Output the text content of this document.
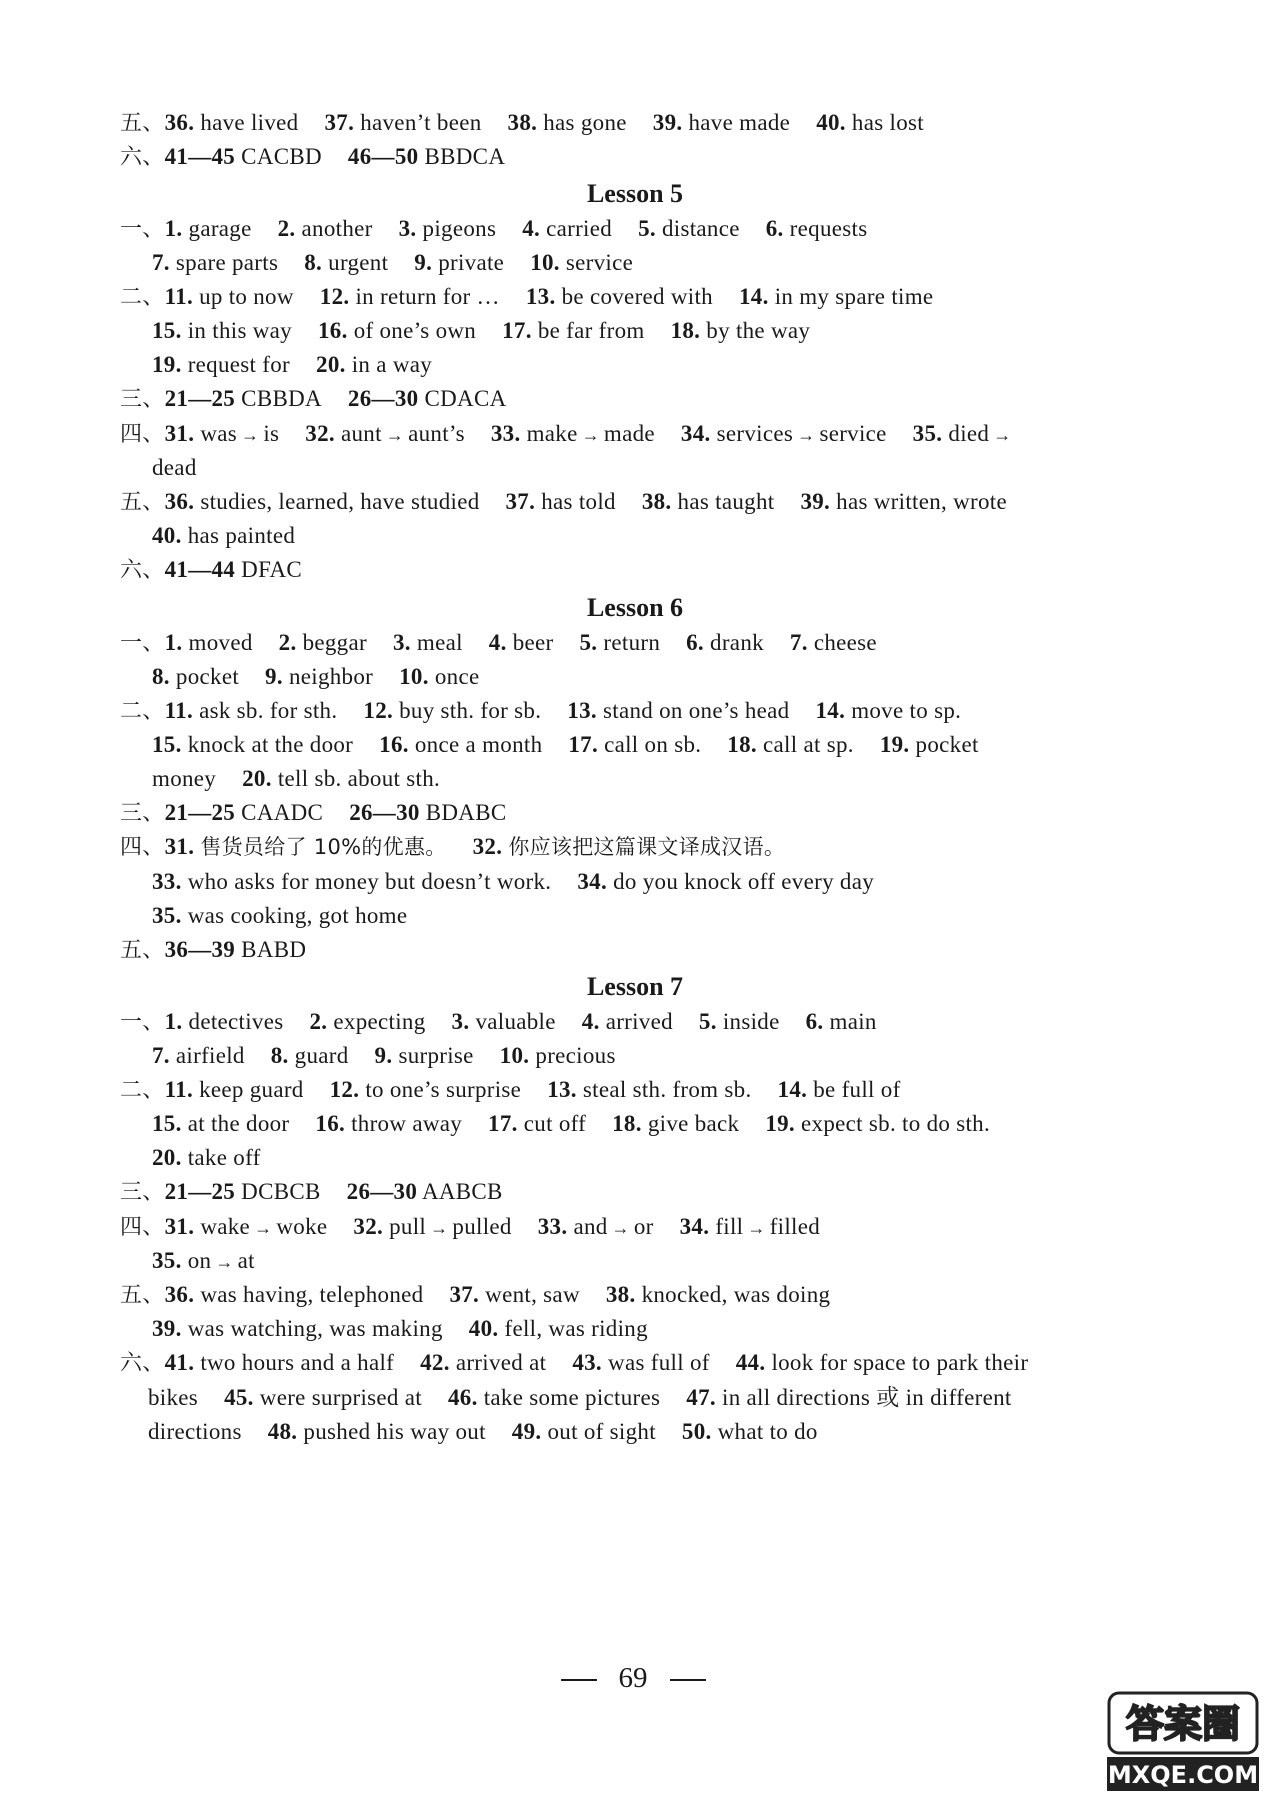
五、36. have lived 37. haven’t been 38. has gone 39. have made 40. has lost
六、41—45 CACBD 46—50 BBDCA
Lesson 5
一、1. garage 2. another 3. pigeons 4. carried 5. distance 6. requests
7. spare parts 8. urgent 9. private 10. service
二、11. up to now 12. in return for … 13. be covered with 14. in my spare time
15. in this way 16. of one’s own 17. be far from 18. by the way
19. request for 20. in a way
三、21—25 CBBDA 26—30 CDACA
四、31. was → is 32. aunt → aunt’s 33. make → made 34. services → service 35. died →
dead
五、36. studies, learned, have studied 37. has told 38. has taught 39. has written, wrote
40. has painted
六、41—44 DFAC
Lesson 6
一、1. moved 2. beggar 3. meal 4. beer 5. return 6. drank 7. cheese
8. pocket 9. neighbor 10. once
二、11. ask sb. for sth. 12. buy sth. for sb. 13. stand on one’s head 14. move to sp.
15. knock at the door 16. once a month 17. call on sb. 18. call at sp. 19. pocket
money 20. tell sb. about sth.
三、21—25 CAADC 26—30 BDABC
四、31. 售货员给了 10%的优惠。 32. 你应该把这篇课文译成汉语。
33. who asks for money but doesn’t work. 34. do you knock off every day
35. was cooking, got home
五、36—39 BABD
Lesson 7
一、1. detectives 2. expecting 3. valuable 4. arrived 5. inside 6. main
7. airfield 8. guard 9. surprise 10. precious
二、11. keep guard 12. to one’s surprise 13. steal sth. from sb. 14. be full of
15. at the door 16. throw away 17. cut off 18. give back 19. expect sb. to do sth.
20. take off
三、21—25 DCBCB 26—30 AABCB
四、31. wake → woke 32. pull → pulled 33. and → or 34. fill → filled
35. on → at
五、36. was having, telephoned 37. went, saw 38. knocked, was doing
39. was watching, was making 40. fell, was riding
六、41. two hours and a half 42. arrived at 43. was full of 44. look for space to park their
bikes 45. were surprised at 46. take some pictures 47. in all directions 或 in different
directions 48. pushed his way out 49. out of sight 50. what to do
69
答案圈
MXQE.COM
